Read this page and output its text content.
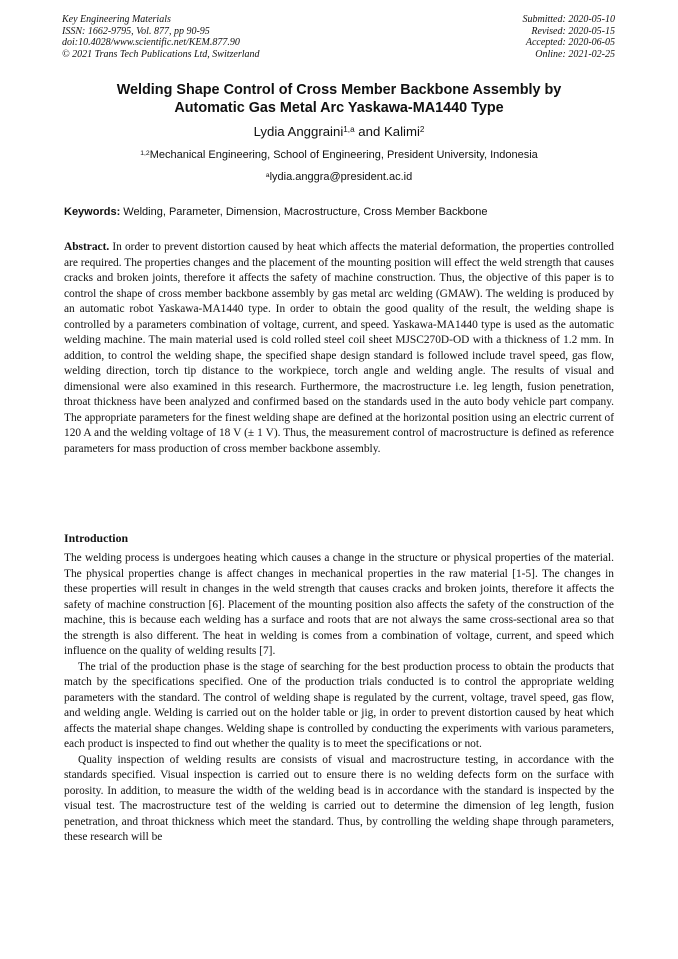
Key Engineering Materials
ISSN: 1662-9795, Vol. 877, pp 90-95
doi:10.4028/www.scientific.net/KEM.877.90
© 2021 Trans Tech Publications Ltd, Switzerland
Submitted: 2020-05-10
Revised: 2020-05-15
Accepted: 2020-06-05
Online: 2021-02-25
Welding Shape Control of Cross Member Backbone Assembly by
Automatic Gas Metal Arc Yaskawa-MA1440 Type
Lydia Anggraini$^{1,a}$ and Kalimi$^2$
$^{1,2}$Mechanical Engineering, School of Engineering, President University, Indonesia
$^a$lydia.anggra@president.ac.id
Keywords: Welding, Parameter, Dimension, Macrostructure, Cross Member Backbone
Abstract. In order to prevent distortion caused by heat which affects the material deformation, the properties controlled are required. The properties changes and the placement of the mounting position will effect the weld strength that causes cracks and broken joints, therefore it affects the safety of machine construction. Thus, the objective of this paper is to control the shape of cross member backbone assembly by gas metal arc welding (GMAW). The welding is produced by an automatic robot Yaskawa-MA1440 type. In order to obtain the good quality of the result, the welding shape is controlled by a parameters combination of voltage, current, and speed. Yaskawa-MA1440 type is used as the automatic welding machine. The main material used is cold rolled steel coil sheet MJSC270D-OD with a thickness of 1.2 mm. In addition, to control the welding shape, the specified shape design standard is followed include travel speed, gas flow, welding direction, torch tip distance to the workpiece, torch angle and welding angle. The results of visual and dimensional were also examined in this research. Furthermore, the macrostructure i.e. leg length, fusion penetration, throat thickness have been analyzed and confirmed based on the standards used in the auto body vehicle part company. The appropriate parameters for the finest welding shape are defined at the horizontal position using an electric current of 120 A and the welding voltage of 18 V (± 1 V). Thus, the measurement control of macrostructure is defined as reference parameters for mass production of cross member backbone assembly.
Introduction

The welding process is undergoes heating which causes a change in the structure or physical properties of the material. The physical properties change is affect changes in mechanical properties in the raw material [1-5]. The changes in these properties will result in changes in the weld strength that causes cracks and broken joints, therefore it affects the safety of machine construction [6]. Placement of the mounting position also affects the safety of the construction of the machine, this is because each welding has a surface and roots that are not always the same cross-sectional area so that the strength is also different. The heat in welding is comes from a combination of voltage, current, and speed which influence on the quality of welding results [7].

The trial of the production phase is the stage of searching for the best production process to obtain the products that match by the specifications specified. One of the production trials conducted is to control the appropriate welding parameters with the standard. The control of welding shape is regulated by the current, voltage, travel speed, gas flow, and welding angle. Welding is carried out on the holder table or jig, in order to prevent distortion caused by heat which affects the material shape changes. Welding shape is controlled by conducting the experiments with various parameters, each product is inspected to find out whether the quality is to meet the specifications or not.

Quality inspection of welding results are consists of visual and macrostructure testing, in accordance with the standards specified. Visual inspection is carried out to ensure there is no welding defects form on the surface with porosity. In addition, to measure the width of the welding bead is in accordance with the standard is inspected by the visual test. The macrostructure test of the welding is carried out to determine the dimension of leg length, fusion penetration, and throat thickness which meet the standard. Thus, by controlling the welding shape through parameters, these research will be
